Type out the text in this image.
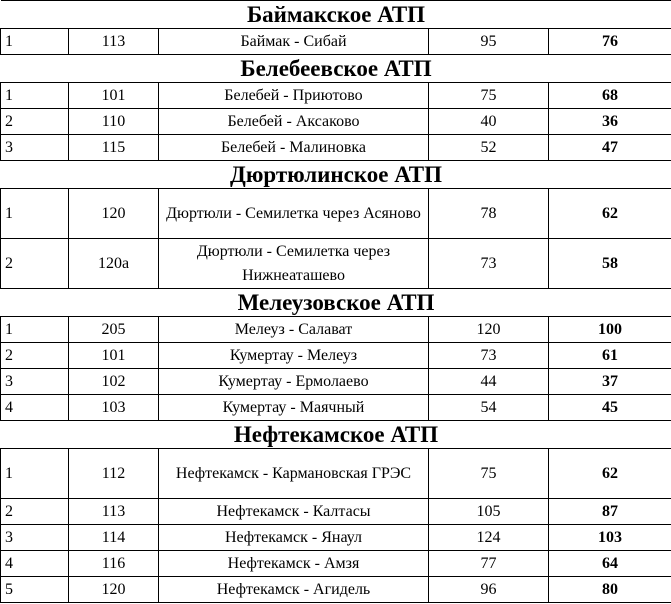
Баймакское АТП				
1	113	Баймак - Сибай	95	76
Белебеевское АТП				
1	101	Белебей - Приютово	75	68
2	110	Белебей - Аксаково	40	36
3	115	Белебей - Малиновка	52	47
Дюртюлинское АТП				
1	120	Дюртюли - Семилетка через Асяново	78	62
2	120а	Дюртюли - Семилетка через Нижнеаташево	73	58
Мелеузовское АТП				
1	205	Мелеуз - Салават	120	100
2	101	Кумертау - Мелеуз	73	61
3	102	Кумертау - Ермолаево	44	37
4	103	Кумертау - Маячный	54	45
Нефтекамское АТП				
1	112	Нефтекамск - Кармановская ГРЭС	75	62
2	113	Нефтекамск - Калтасы	105	87
3	114	Нефтекамск - Янаул	124	103
4	116	Нефтекамск - Амзя	77	64
5	120	Нефтекамск - Агидель	96	80
